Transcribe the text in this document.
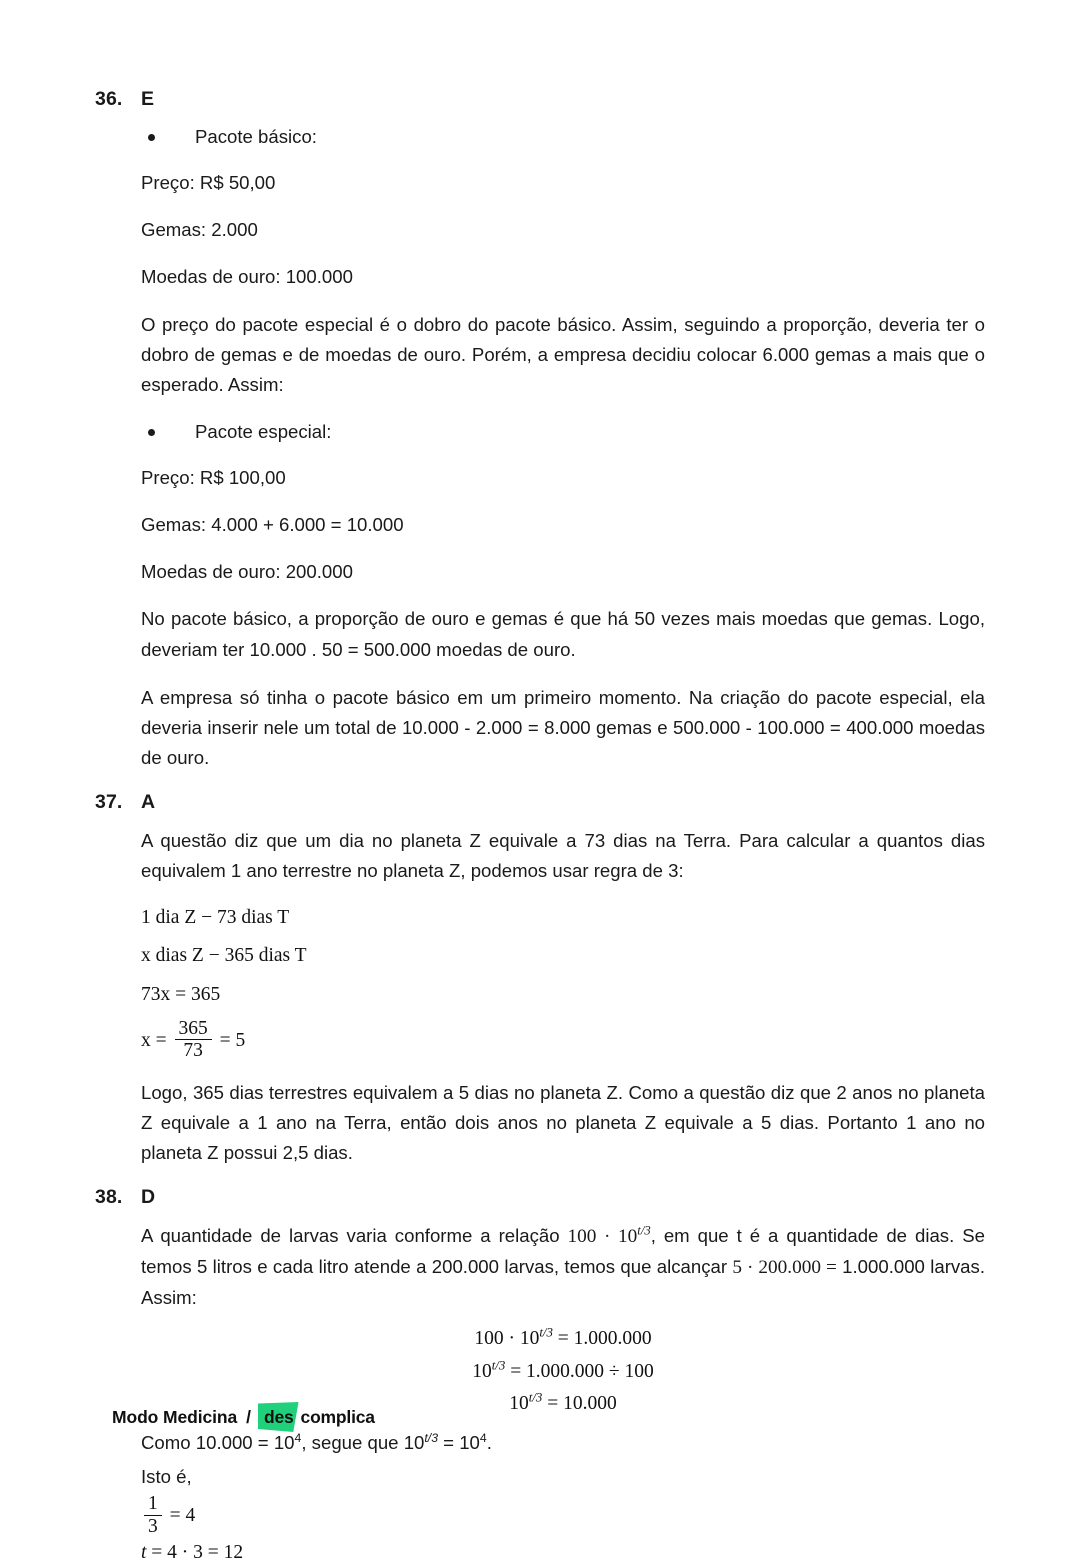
36. E
Pacote básico:

Preço: R$ 50,00

Gemas: 2.000

Moedas de ouro: 100.000

O preço do pacote especial é o dobro do pacote básico. Assim, seguindo a proporção, deveria ter o dobro de gemas e de moedas de ouro. Porém, a empresa decidiu colocar 6.000 gemas a mais que o esperado. Assim:

Pacote especial:

Preço: R$ 100,00

Gemas: 4.000 + 6.000 = 10.000

Moedas de ouro: 200.000

No pacote básico, a proporção de ouro e gemas é que há 50 vezes mais moedas que gemas. Logo, deveriam ter 10.000 . 50 = 500.000 moedas de ouro.

A empresa só tinha o pacote básico em um primeiro momento. Na criação do pacote especial, ela deveria inserir nele um total de 10.000 - 2.000 = 8.000 gemas e 500.000 - 100.000 = 400.000 moedas de ouro.

37. A

A questão diz que um dia no planeta Z equivale a 73 dias na Terra. Para calcular a quantos dias equivalem 1 ano terrestre no planeta Z, podemos usar regra de 3:

1 dia Z − 73 dias T
x dias Z − 365 dias T
73x = 365
$x = \frac{365}{73} = 5$

Logo, 365 dias terrestres equivalem a 5 dias no planeta Z. Como a questão diz que 2 anos no planeta Z equivale a 1 ano na Terra, então dois anos no planeta Z equivale a 5 dias. Portanto 1 ano no planeta Z possui 2,5 dias.

38. D

A quantidade de larvas varia conforme a relação $100 \cdot 10^{t/3}$, em que t é a quantidade de dias. Se temos 5 litros e cada litro atende a 200.000 larvas, temos que alcançar 5 · 200.000 = 1.000.000 larvas. Assim:

$100 \cdot 10^{t/3} = 1.000.000$
$10^{t/3} = 1.000.000 \div 100$
$10^{t/3} = 10.000$

Como $10.000 = 10^4$, segue que $10^{t/3} = 10^4$.

Isto é,

$\frac{1}{3} = 4$
t = 4 · 3 = 12
Modo Medicina / des complica
